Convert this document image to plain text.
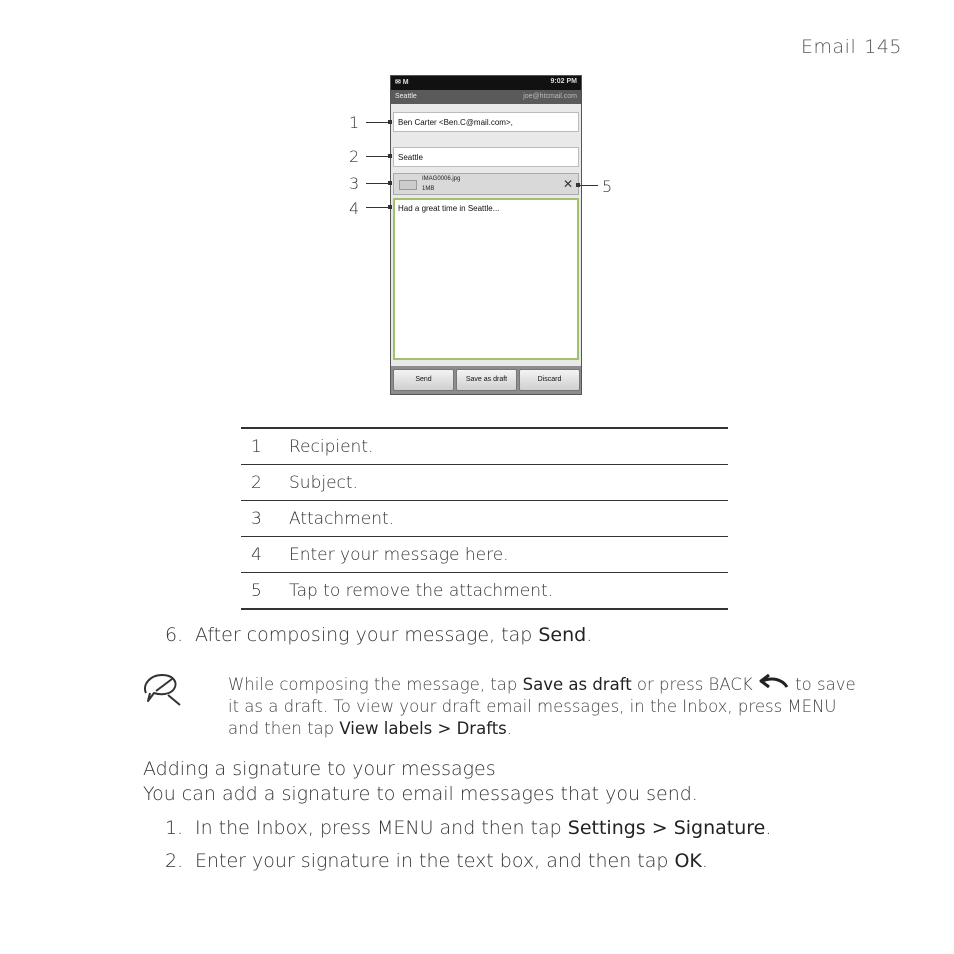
Email 145
✉ M	9:02 PM
Seattle	joe@htcmail.com
Ben Carter <Ben.C@mail.com>,
Seattle
IMAG0006.jpg
1MB	✕
Had a great time in Seattle...
Send	Save as draft	Discard
1
2
3
4
5
1 Recipient.
2 Subject.
3 Attachment.
4 Enter your message here.
5 Tap to remove the attachment.
6. After composing your message, tap Send.
While composing the message, tap Save as draft or press BACK  to save it as a draft. To view your draft email messages, in the Inbox, press MENU and then tap View labels > Drafts.
Adding a signature to your messages
You can add a signature to email messages that you send.
1. In the Inbox, press MENU and then tap Settings > Signature.
2. Enter your signature in the text box, and then tap OK.
